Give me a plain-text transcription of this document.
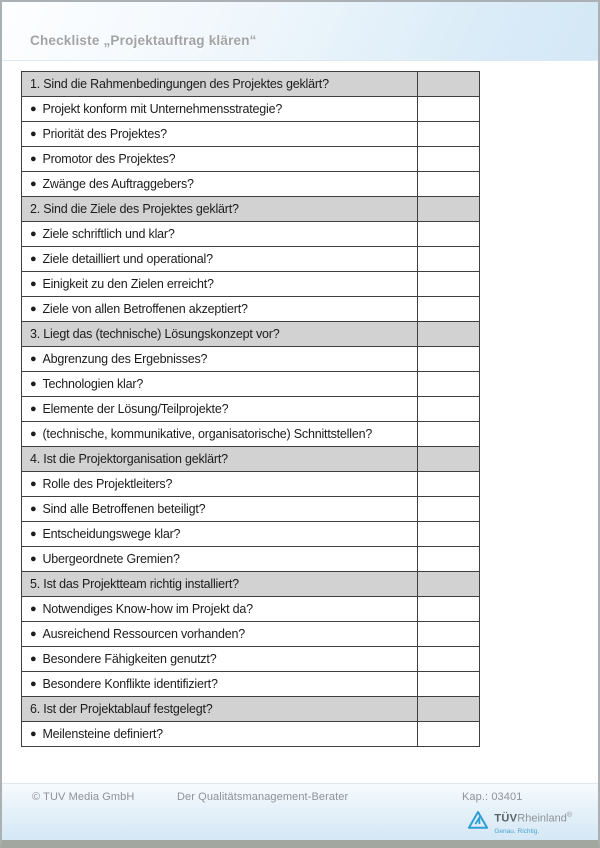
Checkliste „Projektauftrag klären“
1. Sind die Rahmenbedingungen des Projektes geklärt?	
● Projekt konform mit Unternehmensstrategie?	
● Priorität des Projektes?	
● Promotor des Projektes?	
● Zwänge des Auftraggebers?	
2. Sind die Ziele des Projektes geklärt?	
● Ziele schriftlich und klar?	
● Ziele detailliert und operational?	
● Einigkeit zu den Zielen erreicht?	
● Ziele von allen Betroffenen akzeptiert?	
3. Liegt das (technische) Lösungskonzept vor?	
● Abgrenzung des Ergebnisses?	
● Technologien klar?	
● Elemente der Lösung/Teilprojekte?	
● (technische, kommunikative, organisatorische) Schnittstellen?	
4. Ist die Projektorganisation geklärt?	
● Rolle des Projektleiters?	
● Sind alle Betroffenen beteiligt?	
● Entscheidungswege klar?	
● Ubergeordnete Gremien?	
5. Ist das Projektteam richtig installiert?	
● Notwendiges Know-how im Projekt da?	
● Ausreichend Ressourcen vorhanden?	
● Besondere Fähigkeiten genutzt?	
● Besondere Konflikte identifiziert?	
6. Ist der Projektablauf festgelegt?	
● Meilensteine definiert?	
© TUV Media GmbH	Der Qualitätsmanagement-Berater	Kap.: 03401
TÜVRheinland®
Genau. Richtig.
